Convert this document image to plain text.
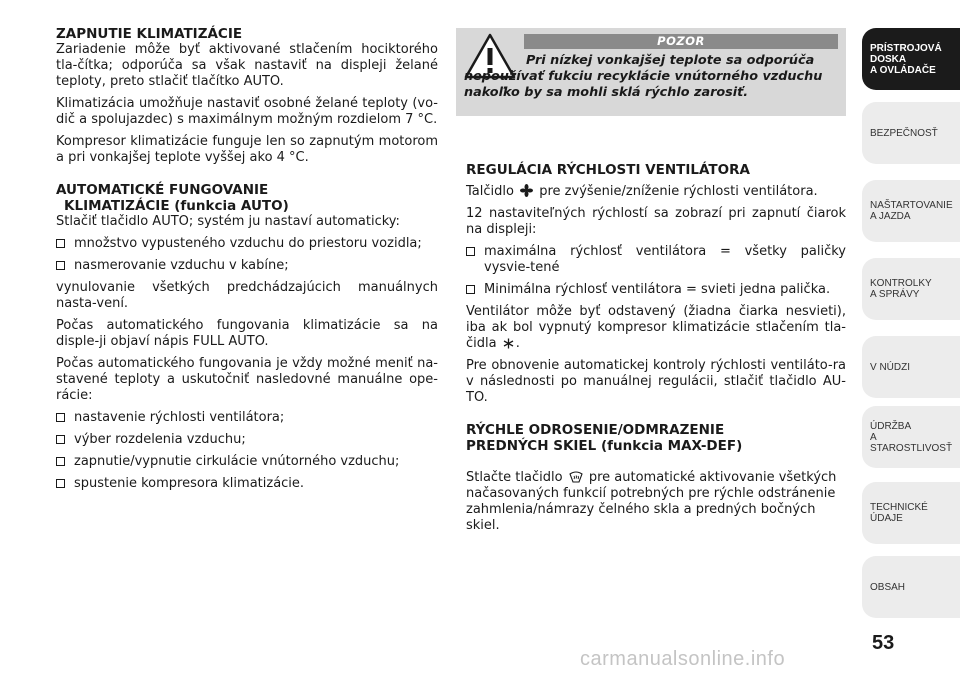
ZAPNUTIE KLIMATIZÁCIE

Zariadenie môže byť aktivované stlačením hociktorého tla-čítka; odporúča sa však nastaviť na displeji želané teploty, preto stlačiť tlačítko AUTO.

Klimatizácia umožňuje nastaviť osobné želané teploty (vo-dič a spolujazdec) s maximálnym možným rozdielom 7 °C.

Kompresor klimatizácie funguje len so zapnutým motorom a pri vonkajšej teplote vyššej ako 4 °C.

AUTOMATICKÉ FUNGOVANIE
KLIMATIZÁCIE (funkcia AUTO)

Stlačiť tlačidlo AUTO; systém ju nastaví automaticky:

množstvo vypusteného vzduchu do priestoru vozidla;
nasmerovanie vzduchu v kabíne;

vynulovanie všetkých predchádzajúcich manuálnych nasta-vení.

Počas automatického fungovania klimatizácie sa na disple-ji objaví nápis FULL AUTO.

Počas automatického fungovania je vždy možné meniť na-stavené teploty a uskutočniť nasledovné manuálne ope-rácie:

nastavenie rýchlosti ventilátora;
výber rozdelenia vzduchu;
zapnutie/vypnutie cirkulácie vnútorného vzduchu;
spustenie kompresora klimatizácie.
POZOR
Pri nízkej vonkajšej teplote sa odporúča nepoužívať fukciu recyklácie vnútorného vzduchu nakoľko by sa mohli sklá rýchlo zarosiť.
REGULÁCIA RÝCHLOSTI VENTILÁTORA

Talčidlo pre zvýšenie/zníženie rýchlosti ventilátora.

12 nastaviteľných rýchlostí sa zobrazí pri zapnutí čiarok na displeji:

maximálna rýchlosť ventilátora = všetky paličky vysvie-tené
Minimálna rýchlosť ventilátora = svieti jedna palička.

Ventilátor môže byť odstavený (žiadna čiarka nesvieti), iba ak bol vypnutý kompresor klimatizácie stlačením tla-čidla .

Pre obnovenie automatickej kontroly rýchlosti ventiláto-ra v následnosti po manuálnej regulácii, stlačiť tlačidlo AU-TO.

RÝCHLE ODROSENIE/ODMRAZENIE
PREDNÝCH SKIEL (funkcia MAX-DEF)

Stlačte tlačidlo pre automatické aktivovanie všetkých načasovaných funkcií potrebných pre rýchle odstránenie zahmlenia/námrazy čelného skla a predných bočných skiel.

PRÍSTROJOVÁ
DOSKA
A OVLÁDAČE
BEZPEČNOSŤ
NAŠTARTOVANIE
A JAZDA
KONTROLKY
A SPRÁVY
V NÚDZI
ÚDRŽBA
A STAROSTLIVOSŤ
TECHNICKÉ ÚDAJE
OBSAH
53
carmanualsonline.info
